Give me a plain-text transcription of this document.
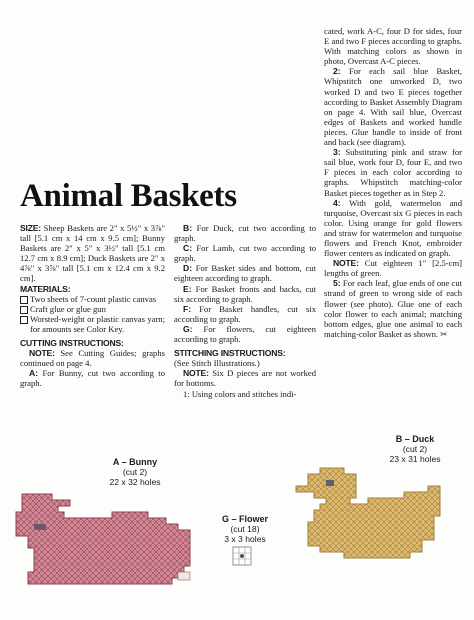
cated, work A-C, four D for sides, four E and two F pieces according to graphs. With matching colors as shown in photo, Overcast A-C pieces.

2: For each sail blue Basket, Whipstitch one unworked D, two worked D and two E pieces together according to Basket Assembly Diagram on page 4. With sail blue, Overcast edges of Baskets and worked handle pieces. Glue handle to inside of front and back (see diagram).

3: Substituting pink and straw for sail blue, work four D, four E, and two F pieces in each color according to graphs. Whipstitch matching-color Basket pieces together as in Step 2.

4: With gold, watermelon and turquoise, Overcast six G pieces in each color. Using orange for gold flowers and straw for watermelon and turquoise flowers and French Knot, embroider flower centers as indicated on graph.

NOTE: Cut eighteen 1" [2.5-cm] lengths of green.

5: For each leaf, glue ends of one cut strand of green to wrong side of each flower (see photo). Glue one of each color flower to each animal; matching bottom edges, glue one animal to each matching-color Basket as shown. ✂

Animal Baskets

SIZE: Sheep Baskets are 2" x 5½" x 3⅞" tall [5.1 cm x 14 cm x 9.5 cm]; Bunny Baskets are 2" x 5" x 3½" tall [5.1 cm 12.7 cm x 8.9 cm]; Duck Baskets are 2" x 4⅞" x 3⅞" tall [5.1 cm x 12.4 cm x 9.2 cm].

MATERIALS:

Two sheets of 7-count plastic canvas
Craft glue or glue gun
Worsted-weight or plastic canvas yarn; for amounts see Color Key.

CUTTING INSTRUCTIONS:

NOTE: See Cutting Guides; graphs continued on page 4.

A: For Bunny, cut two according to graph.

B: For Duck, cut two according to graph.

C: For Lamb, cut two according to graph.

D: For Basket sides and bottom, cut eighteen according to graph.

E: For Basket fronts and backs, cut six according to graph.

F: For Basket handles, cut six according to graph.

G: For flowers, cut eighteen according to graph.

STITCHING INSTRUCTIONS:

(See Stitch Illustrations.)

NOTE: Six D pieces are not worked for bottoms.

1: Using colors and stitches indi-

A – Bunny
(cut 2)
22 x 32 holes
B – Duck
(cut 2)
23 x 31 holes
G – Flower
(cut 18)
3 x 3 holes
